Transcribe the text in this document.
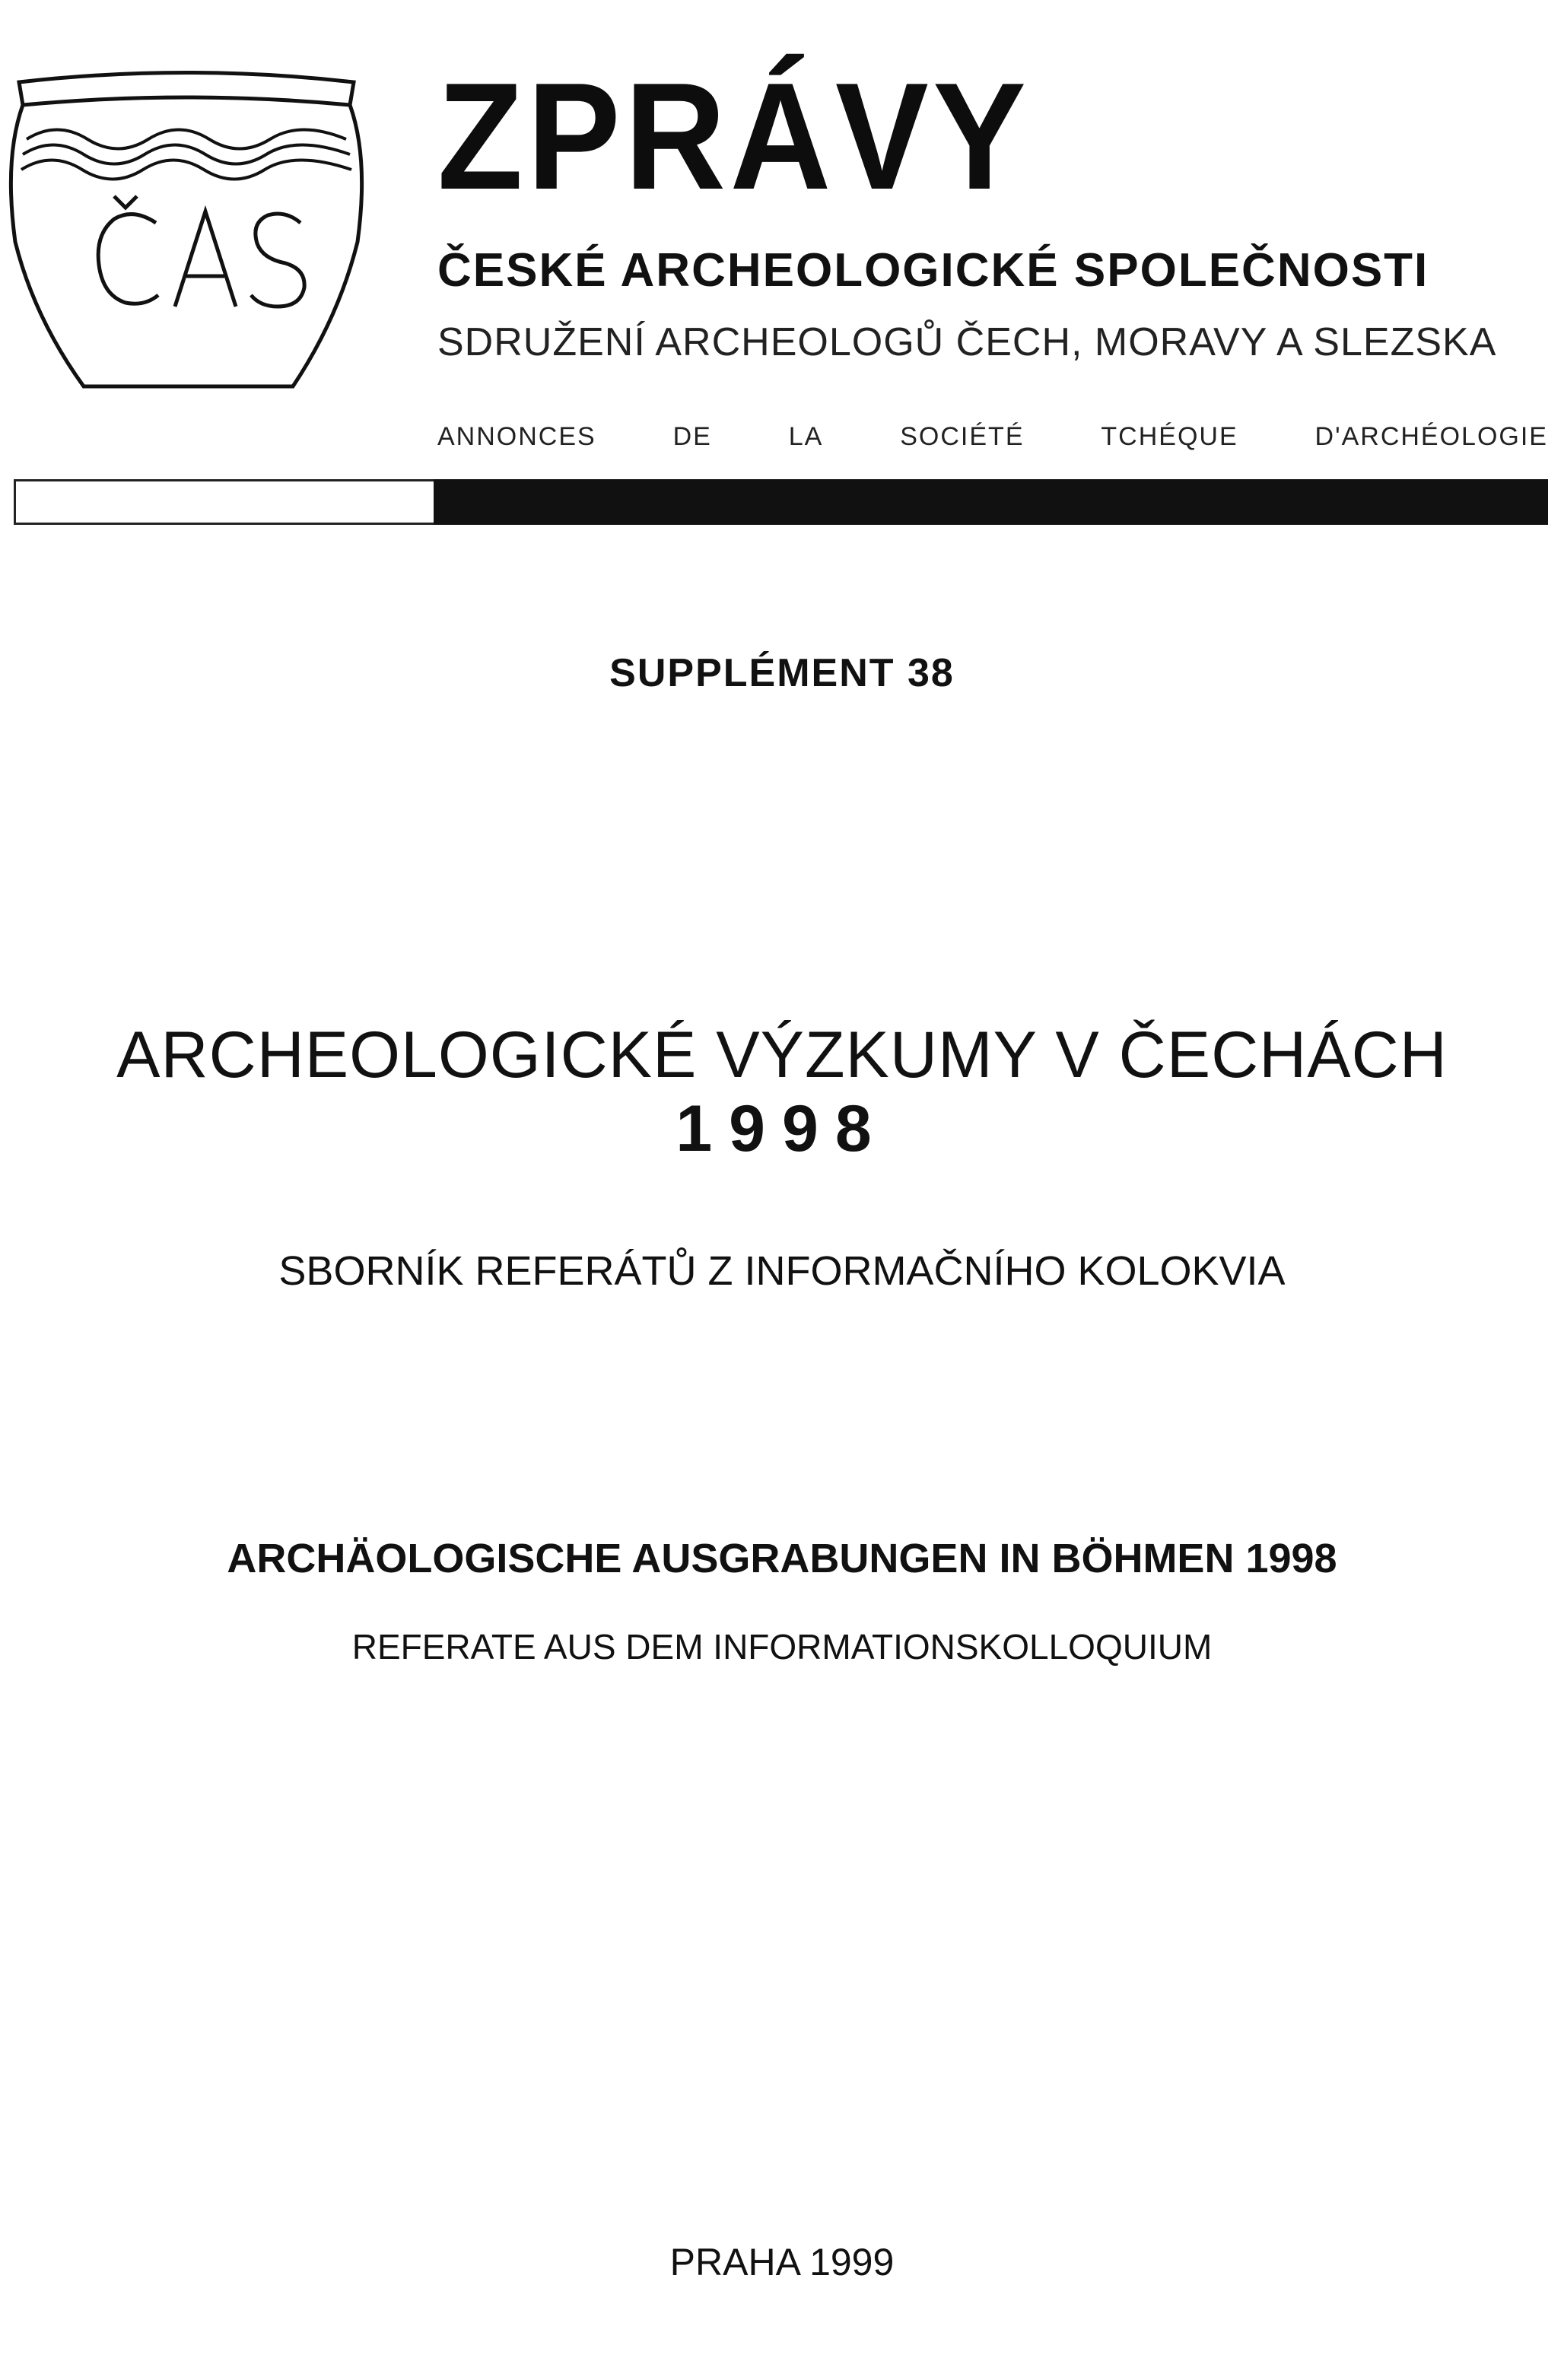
ZPRÁVY
ČESKÉ ARCHEOLOGICKÉ SPOLEČNOSTI
SDRUŽENÍ ARCHEOLOGŮ ČECH, MORAVY A SLEZSKA
ANNONCES	DE	LA	SOCIÉTÉ	TCHÉQUE	D'ARCHÉOLOGIE
SUPPLÉMENT 38
ARCHEOLOGICKÉ VÝZKUMY V ČECHÁCH
1998
SBORNÍK REFERÁTŮ Z INFORMAČNÍHO KOLOKVIA
ARCHÄOLOGISCHE AUSGRABUNGEN IN BÖHMEN 1998
REFERATE AUS DEM INFORMATIONSKOLLOQUIUM
PRAHA 1999
